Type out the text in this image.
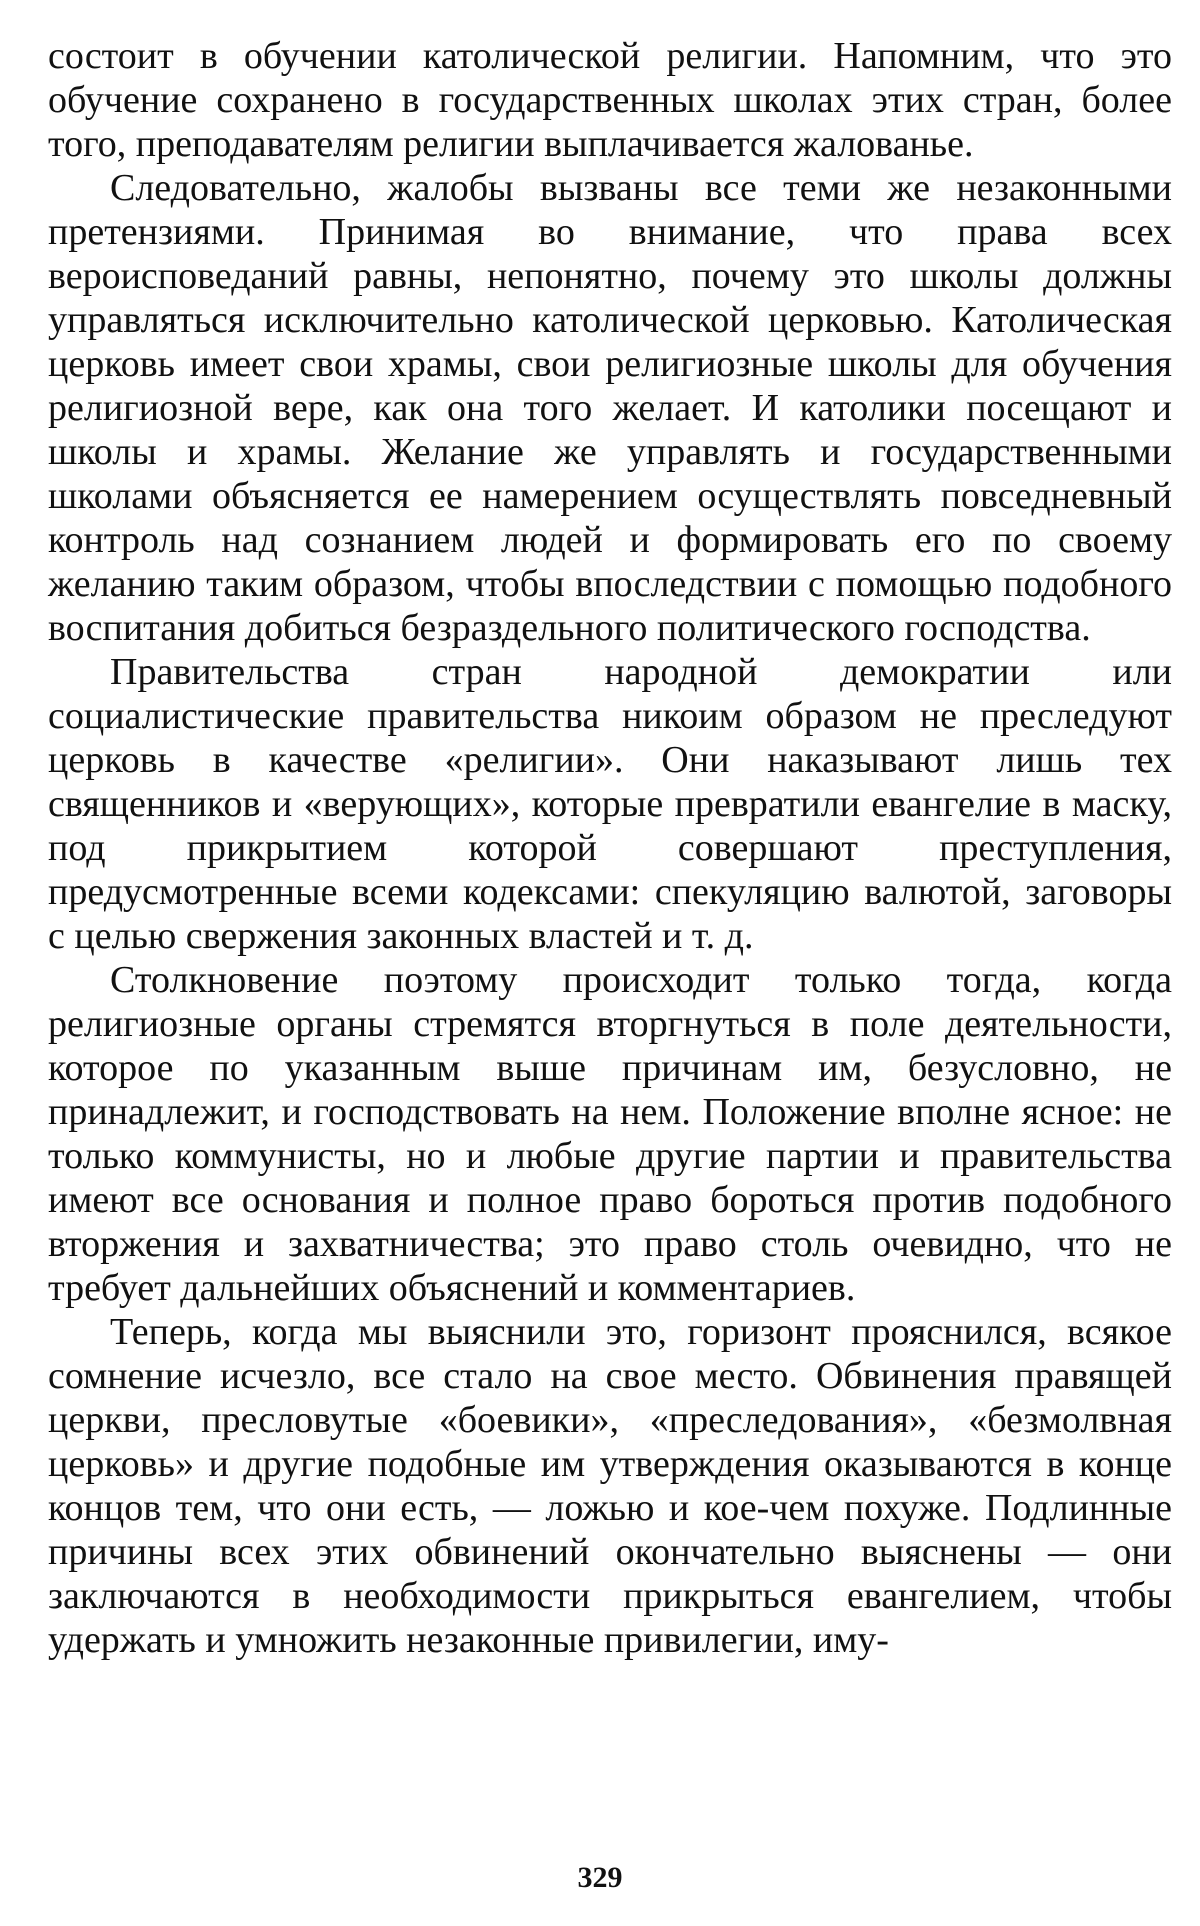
состоит в обучении католической религии. Напомним, что это обучение сохранено в государственных школах этих стран, более того, преподавателям религии выплачивается жалованье.

Следовательно, жалобы вызваны все теми же незаконными претензиями. Принимая во внимание, что права всех вероисповеданий равны, непонятно, почему это школы должны управляться исключительно католической церковью. Католическая церковь имеет свои храмы, свои религиозные школы для обучения религиозной вере, как она того желает. И католики посещают и школы и храмы. Желание же управлять и государственными школами объясняется ее намерением осуществлять повседневный контроль над сознанием людей и формировать его по своему желанию таким образом, чтобы впоследствии с помощью подобного воспитания добиться безраздельного политического господства.

Правительства стран народной демократии или социалистические правительства никоим образом не преследуют церковь в качестве «религии». Они наказывают лишь тех священников и «верующих», которые превратили евангелие в маску, под прикрытием которой совершают преступления, предусмотренные всеми кодексами: спекуляцию валютой, заговоры с целью свержения законных властей и т. д.

Столкновение поэтому происходит только тогда, когда религиозные органы стремятся вторгнуться в поле деятельности, которое по указанным выше причинам им, безусловно, не принадлежит, и господствовать на нем. Положение вполне ясное: не только коммунисты, но и любые другие партии и правительства имеют все основания и полное право бороться против подобного вторжения и захватничества; это право столь очевидно, что не требует дальнейших объяснений и комментариев.

Теперь, когда мы выяснили это, горизонт прояснился, всякое сомнение исчезло, все стало на свое место. Обвинения правящей церкви, пресловутые «боевики», «преследования», «безмолвная церковь» и другие подобные им утверждения оказываются в конце концов тем, что они есть, — ложью и кое-чем похуже. Подлинные причины всех этих обвинений окончательно выяснены — они заключаются в необходимости прикрыться евангелием, чтобы удержать и умножить незаконные привилегии, иму-

329
